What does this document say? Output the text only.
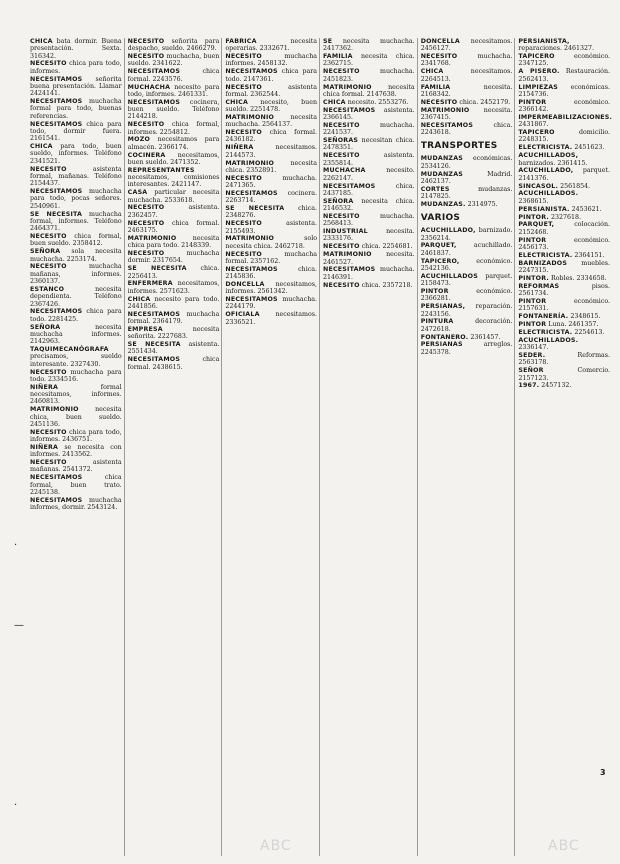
CHICA bata dormir. Buena presentación. Sexta. 316342.

NECESITO chica para todo, informes.

NECESITAMOS señorita buena presentación. Llamar 2424141.

NECESITAMOS muchacha formal para todo, buenas referencias.

NECESITAMOS chica para todo, dormir fuera. 2161541.

CHICA para todo, buen sueldo, informes. Teléfono 2341521.

NECESITO asistenta formal, mañanas. Teléfono 2154437.

NECESITAMOS muchacha para todo, pocas señores. 2540961.

SE NECESITA muchacha formal, informes. Teléfono 2464371.

NECESITO chica formal, buen sueldo. 2358412.

SEÑORA sola necesita muchacha. 2253174.

NECESITO muchacha mañanas, informes. 2360137.

ESTANCO necesita dependienta. Teléfono 2367426.

NECESITAMOS chica para todo. 2281425.

SEÑORA necesita muchacha informes. 2142963.

TAQUIMECANÓGRAFA precisamos, sueldo interesante. 2327430.

NECESITO muchacha para todo. 2334516.

NIÑERA formal necesitamos, informes. 2460813.

MATRIMONIO necesita chica, buen sueldo. 2451136.

NECESITO chica para todo, informes. 2436751.

NIÑERA se necesita con informes. 2413562.

NECESITO asistenta mañanas. 2541372.

NECESITAMOS chica formal, buen trato. 2245138.

NECESITAMOS muchacha informes, dormir. 2543124.

NECESITO señorita para despacho, sueldo. 2466279.

NECESITO muchacha, buen sueldo. 2341622.

NECESITAMOS chica formal. 2243576.

MUCHACHA necesito para todo, informes. 2461331.

NECESITAMOS cocinera, buen sueldo. Teléfono 2144218.

NECESITO chica formal, informes. 2254812.

MOZO necesitamos para almacén. 2366174.

COCINERA necesitamos, buen sueldo. 2471352.

REPRESENTANTES necesitamos, comisiones interesantes. 2421147.

CASA particular necesita muchacha. 2533618.

NECESITO asistenta. 2362457.

NECESITO chica formal. 2463175.

MATRIMONIO necesita chica para todo. 2148339.

NECESITO muchacha dormir. 2317654.

SE NECESITA chica. 2256413.

ENFERMERA necesitamos, informes. 2571623.

CHICA necesito para todo. 2441856.

NECESITAMOS muchacha formal. 2364179.

EMPRESA necesita señorita. 2227683.

SE NECESITA asistenta. 2551434.

NECESITAMOS chica formal. 2438615.

FÁBRICA necesita operarias. 2332671.

NECESITO muchacha informes. 2458132.

NECESITAMOS chica para todo. 2147361.

NECESITO asistenta formal. 2362544.

CHICA necesito, buen sueldo. 2251478.

MATRIMONIO necesita muchacha. 2564137.

NECESITO chica formal. 2436182.

NIÑERA necesitamos. 2144573.

MATRIMONIO necesita chica. 2352891.

NECESITO muchacha. 2471365.

NECESITAMOS cocinera. 2263714.

SE NECESITA chica. 2348276.

NECESITO asistenta. 2155493.

MATRIMONIO solo necesita chica. 2462718.

NECESITO muchacha formal. 2357162.

NECESITAMOS chica. 2145836.

DONCELLA necesitamos, informes. 2561342.

NECESITAMOS muchacha. 2244179.

OFICIALA necesitamos. 2336521.

SE necesita muchacha. 2417362.

FAMILIA necesita chica. 2362715.

NECESITO muchacha. 2451823.

MATRIMONIO necesita chica formal. 2147638.

CHICA necesito. 2553276.

NECESITAMOS asistenta. 2366145.

NECESITO muchacha. 2241537.

SEÑORAS necesitan chica. 2478351.

NECESITO asistenta. 2355814.

MUCHACHA necesito. 2262147.

NECESITAMOS chica. 2437185.

SEÑORA necesita chica. 2146532.

NECESITO muchacha. 2568413.

INDUSTRIAL necesita. 2333176.

NECESITO chica. 2254681.

MATRIMONIO necesita. 2461527.

NECESITAMOS muchacha. 2146391.

NECESITO chica. 2357218.

DONCELLA necesitamos. 2456127.

NECESITO muchacha. 2341768.

CHICA necesitamos. 2264513.

FAMILIA necesita. 2168342.

NECESITO chica. 2452179.

MATRIMONIO necesita. 2367415.

NECESITAMOS chica. 2243618.

TRANSPORTES

MUDANZAS económicas. 2534126.

MUDANZAS Madrid. 2462137.

CORTES mudanzas. 2147825.

MUDANZAS. 2314975.

VARIOS

ACUCHILLADO, barnizado. 2356214.

PARQUET, acuchillado. 2461837.

TAPICERO, económico. 2542136.

ACUCHILLADOS parquet. 2158473.

PINTOR económico. 2366281.

PERSIANAS, reparación. 2243156.

PINTURA decoración. 2472618.

FONTANERO. 2361457.

PERSIANAS arreglos. 2245378.

PERSIANISTA, reparaciones. 2461327.

TAPICERO económico. 2347125.

A PISERO. Restauración. 2562413.

LIMPIEZAS económicas. 2154736.

PINTOR económico. 2366142.

IMPERMEABILIZACIONES. 2431867.

TAPICERO domicilio. 2248315.

ELECTRICISTA. 2451623.

ACUCHILLADOS, barnizados. 2361415.

ACUCHILLADO, parquet. 2141376.

SINCASOL. 2561854.

ACUCHILLADOS. 2368615.

PERSIANISTA. 2453621.

PINTOR. 2327618.

PARQUET, colocación. 2152468.

PINTOR económico. 2456173.

ELECTRICISTA. 2364151.

BARNIZADOS muebles. 2247315.

PINTOR. Robles. 2334658.

REFORMAS pisos. 2561734.

PINTOR económico. 2157631.

FONTANERÍA. 2348615.

PINTOR Luna. 2461357.

ELECTRICISTA. 2254613.

ACUCHILLADOS. 2336147.

SEDER. Reformas. 2563178.

SEÑOR Comercio. 2157123.

1967. 2457132.

·
—
·
ABC	ABC
3
